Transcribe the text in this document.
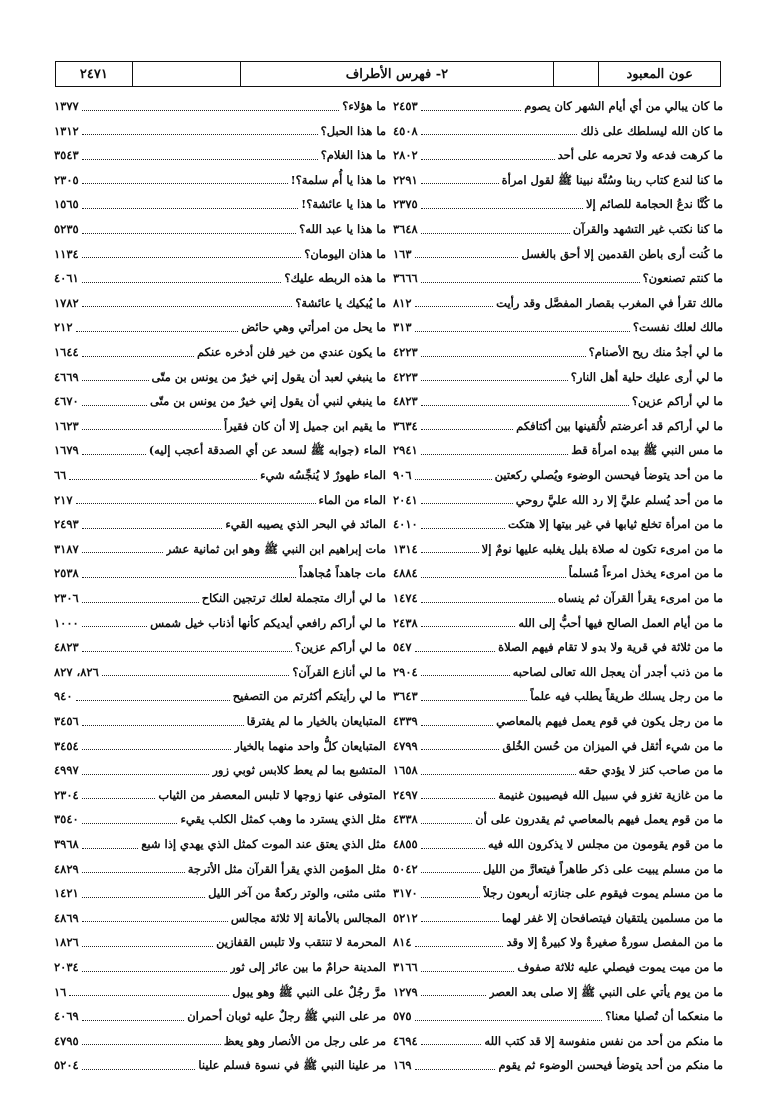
٢٤٧١	٢- فهرس الأطراف	عون المعبود
ما كان يبالي من أي أيام الشهر كان يصوم
٢٤٥٣
ما كان الله ليسلطك على ذلك
٤٥٠٨
ما كرهت فدعه ولا تحرمه على أحد
٢٨٠٢
ما كنا لندع كتاب ربنا وسُنَّة نبينا ﷺ لقول امرأة
٢٢٩١
ما كُنَّا ندعُ الحجامة للصائم إلا
٢٣٧٥
ما كنا نكتب غير التشهد والقرآن
٣٦٤٨
ما كُنت أرى باطن القدمين إلا أحق بالغسل
١٦٣
ما كنتم تصنعون؟
٣٦٦٦
مالك تقرأ في المغرب بقصار المفصَّل وقد رأيت
٨١٢
مالك لعلك نفست؟
٣١٣
ما لي أجدُ منك ريح الأصنام؟
٤٢٢٣
ما لي أرى عليك حلية أهل النار؟
٤٢٢٣
ما لي أراكم عزين؟
٤٨٢٣
ما لي أراكم قد أعرضتم لأُلقينها بين أكتافكم
٣٦٣٤
ما مس النبي ﷺ بيده امرأة قط
٢٩٤١
ما من أحد يتوضأ فيحسن الوضوء ويُصلي ركعتين
٩٠٦
ما من أحد يُسلم عليَّ إلا رد الله عليَّ روحي
٢٠٤١
ما من امرأة تخلع ثيابها في غير بيتها إلا هتكت
٤٠١٠
ما من امرىء تكون له صلاة بليل يغلبه عليها نومٌ إلا
١٣١٤
ما من امرىء يخذل امرءاً مُسلماً
٤٨٨٤
ما من امرىء يقرأ القرآن ثم ينساه
١٤٧٤
ما من أيام العمل الصالح فيها أحبُّ إلى الله
٢٤٣٨
ما من ثلاثة في قرية ولا بدو لا تقام فيهم الصلاة
٥٤٧
ما من ذنب أجدر أن يعجل الله تعالى لصاحبه
٢٩٠٤
ما من رجل يسلك طريقاً يطلب فيه علماً
٣٦٤٣
ما من رجل يكون في قوم يعمل فيهم بالمعاصي
٤٣٣٩
ما من شيء أثقل في الميزان من حُسن الخُلق
٤٧٩٩
ما من صاحب كنز لا يؤدي حقه
١٦٥٨
ما من غازية تغزو في سبيل الله فيصيبون غنيمة
٢٤٩٧
ما من قوم يعمل فيهم بالمعاصي ثم يقدرون على أن
٤٣٣٨
ما من قوم يقومون من مجلس لا يذكرون الله فيه
٤٨٥٥
ما من مسلم يبيت على ذكر طاهراً فيتعارَّ من الليل
٥٠٤٢
ما من مسلم يموت فيقوم على جنازته أربعون رجلاً
٣١٧٠
ما من مسلمين يلتقيان فيتصافحان إلا غفر لهما
٥٢١٢
ما من المفصل سورةٌ صغيرةٌ ولا كبيرةٌ إلا وقد
٨١٤
ما من ميت يموت فيصلي عليه ثلاثة صفوف
٣١٦٦
ما من يوم يأتي على النبي ﷺ إلا صلى بعد العصر
١٢٧٩
ما منعكما أن تُصليا معنا؟
٥٧٥
ما منكم من أحد من نفس منفوسة إلا قد كتب الله
٤٦٩٤
ما منكم من أحد يتوضأ فيحسن الوضوء ثم يقوم
١٦٩
ما هؤلاء؟
١٣٧٧
ما هذا الحبل؟
١٣١٢
ما هذا الغلام؟
٣٥٤٣
ما هذا يا أُم سلمة؟!
٢٣٠٥
ما هذا يا عائشة؟!
١٥٦٥
ما هذا يا عبد الله؟
٥٢٣٥
ما هذان اليومان؟
١١٣٤
ما هذه الربطه عليك؟
٤٠٦١
ما يُبكيك يا عائشة؟
١٧٨٢
ما يحل من امرأتي وهي حائض
٢١٢
ما يكون عندي من خير فلن أدخره عنكم
١٦٤٤
ما ينبغي لعبد أن يقول إني خيرٌ من يونس بن متّى
٤٦٦٩
ما ينبغي لنبي أن يقول إني خيرٌ من يونس بن متّى
٤٦٧٠
ما يقيم ابن جميل إلا أن كان فقيراً
١٦٢٣
الماء (جوابه ﷺ لسعد عن أي الصدقة أعجب إليه)
١٦٧٩
الماء طهورٌ لا يُنجِّسُه شيء
٦٦
الماء من الماء
٢١٧
المائد في البحر الذي يصيبه القيء
٢٤٩٣
مات إبراهيم ابن النبي ﷺ وهو ابن ثمانية عشر
٣١٨٧
مات جاهداً مُجاهداً
٢٥٣٨
ما لي أراك متجملة لعلك ترتجين النكاح
٢٣٠٦
ما لي أراكم رافعي أيديكم كأنها أذناب خيل شمس
١٠٠٠
ما لي أراكم عزين؟
٤٨٢٣
ما لي أنازع القرآن؟
٨٢٦، ٨٢٧
ما لي رأيتكم أكثرتم من التصفيح
٩٤٠
المتبايعان بالخيار ما لم يفترقا
٣٤٥٦
المتبايعان كلُّ واحد منهما بالخيار
٣٤٥٤
المتشبع بما لم يعط كلابس ثوبي زور
٤٩٩٧
المتوفى عنها زوجها لا تلبس المعصفر من الثياب
٢٣٠٤
مثل الذي يسترد ما وهب كمثل الكلب يقيء
٣٥٤٠
مثل الذي يعتق عند الموت كمثل الذي يهدي إذا شبع
٣٩٦٨
مثل المؤمن الذي يقرأ القرآن مثل الأترجة
٤٨٢٩
مثنى مثنى، والوتر ركعةٌ من آخر الليل
١٤٢١
المجالس بالأمانة إلا ثلاثة مجالس
٤٨٦٩
المحرمة لا تنتقب ولا تلبس القفازين
١٨٢٦
المدينة حرامٌ ما بين عائر إلى ثور
٢٠٣٤
مرَّ رجُلٌ على النبي ﷺ وهو يبول
١٦
مر على النبي ﷺ رجلٌ عليه ثوبان أحمران
٤٠٦٩
مر على رجل من الأنصار وهو يعظ
٤٧٩٥
مر علينا النبي ﷺ في نسوة فسلم علينا
٥٢٠٤
